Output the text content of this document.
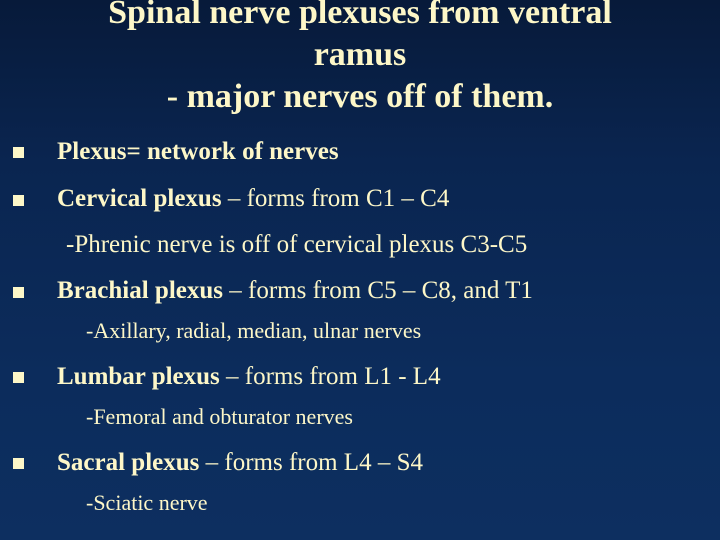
Spinal nerve plexuses from ventral
ramus
- major nerves off of them.
Plexus= network of nerves
Cervical plexus – forms from C1 – C4
-Phrenic nerve is off of cervical plexus C3-C5
Brachial plexus – forms from C5 – C8, and T1
-Axillary, radial, median, ulnar nerves
Lumbar plexus – forms from L1 - L4
-Femoral and obturator nerves
Sacral plexus – forms from L4 – S4
-Sciatic nerve
